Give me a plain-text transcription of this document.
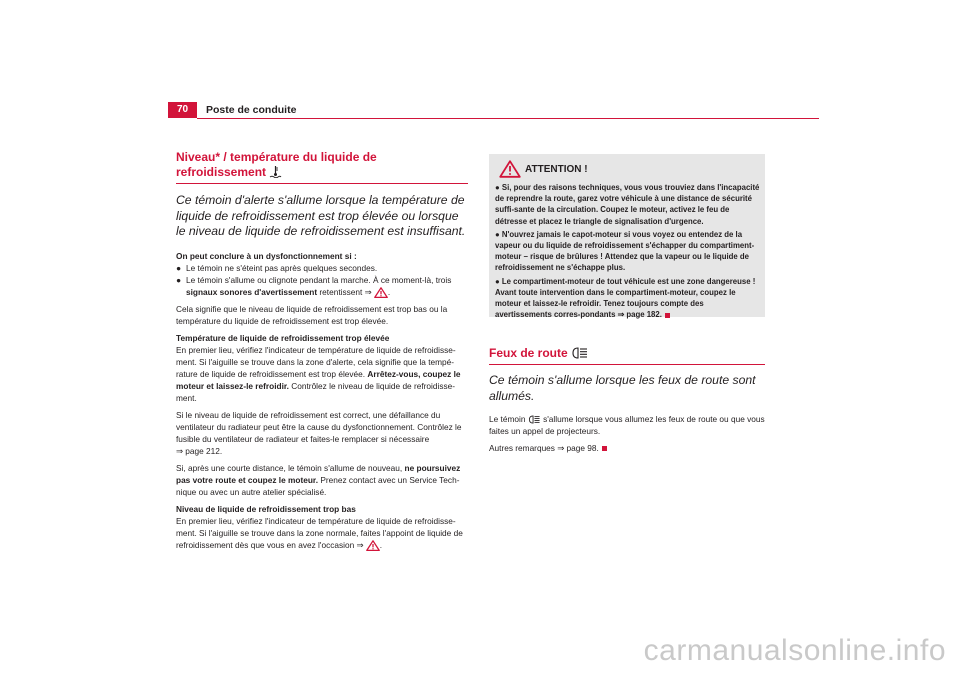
70	Poste de conduite
Niveau* / température du liquide de refroidissement
Ce témoin d'alerte s'allume lorsque la température de liquide de refroidissement est trop élevée ou lorsque le niveau de liquide de refroidissement est insuffisant.

On peut conclure à un dysfonctionnement si :

● Le témoin ne s'éteint pas après quelques secondes.
● Le témoin s'allume ou clignote pendant la marche. À ce moment-là, trois signaux sonores d'avertissement retentissent ⇒ .

Cela signifie que le niveau de liquide de refroidissement est trop bas ou la température du liquide de refroidissement est trop élevée.

Température de liquide de refroidissement trop élevée

En premier lieu, vérifiez l'indicateur de température de liquide de refroidisse-ment. Si l'aiguille se trouve dans la zone d'alerte, cela signifie que la tempé-rature de liquide de refroidissement est trop élevée. Arrêtez-vous, coupez le moteur et laissez-le refroidir. Contrôlez le niveau de liquide de refroidisse-ment.

Si le niveau de liquide de refroidissement est correct, une défaillance du ventilateur du radiateur peut être la cause du dysfonctionnement. Contrôlez le fusible du ventilateur de radiateur et faites-le remplacer si nécessaire
⇒ page 212.

Si, après une courte distance, le témoin s'allume de nouveau, ne poursuivez pas votre route et coupez le moteur. Prenez contact avec un Service Tech-nique ou avec un autre atelier spécialisé.

Niveau de liquide de refroidissement trop bas

En premier lieu, vérifiez l'indicateur de température de liquide de refroidisse-ment. Si l'aiguille se trouve dans la zone normale, faites l'appoint de liquide de refroidissement dès que vous en avez l'occasion ⇒ .

ATTENTION !

● Si, pour des raisons techniques, vous vous trouviez dans l'incapacité de reprendre la route, garez votre véhicule à une distance de sécurité suffi-sante de la circulation. Coupez le moteur, activez le feu de détresse et placez le triangle de signalisation d'urgence.

● N'ouvrez jamais le capot-moteur si vous voyez ou entendez de la vapeur ou du liquide de refroidissement s'échapper du compartiment-moteur – risque de brûlures ! Attendez que la vapeur ou le liquide de refroidissement ne s'échappe plus.

● Le compartiment-moteur de tout véhicule est une zone dangereuse ! Avant toute intervention dans le compartiment-moteur, coupez le moteur et laissez-le refroidir. Tenez toujours compte des avertissements corres-pondants ⇒ page 182.

Feux de route
Ce témoin s'allume lorsque les feux de route sont allumés.

Le témoin s'allume lorsque vous allumez les feux de route ou que vous faites un appel de projecteurs.

Autres remarques ⇒ page 98.

carmanualsonline.info
